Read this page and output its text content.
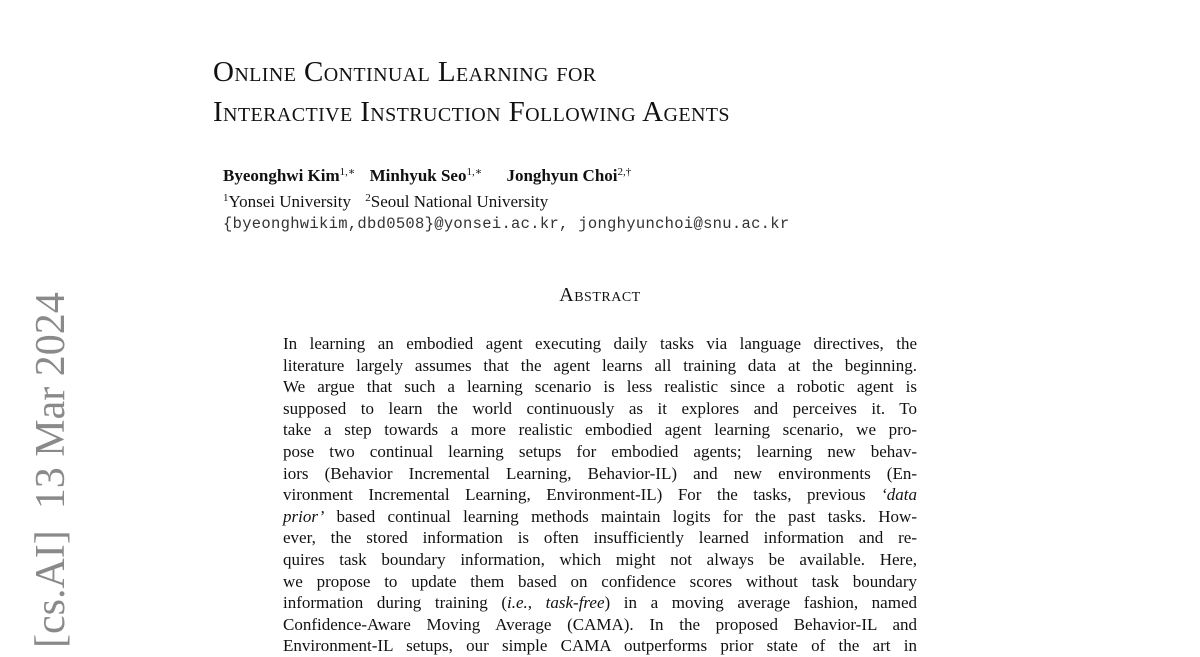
[cs.AI]  13 Mar 2024
Online Continual Learning for
Interactive Instruction Following Agents
Byeonghwi Kim$^{1,∗}$ Minhyuk Seo$^{1,∗}$ Jonghyun Choi$^{2,\dagger}$
$^1$Yonsei University $^2$Seoul National University
{byeonghwikim,dbd0508}@yonsei.ac.kr, jonghyunchoi@snu.ac.kr
Abstract
In learning an embodied agent executing daily tasks via language directives, the
literature largely assumes that the agent learns all training data at the beginning.
We argue that such a learning scenario is less realistic since a robotic agent is
supposed to learn the world continuously as it explores and perceives it. To
take a step towards a more realistic embodied agent learning scenario, we pro-
pose two continual learning setups for embodied agents; learning new behav-
iors (Behavior Incremental Learning, Behavior-IL) and new environments (En-
vironment Incremental Learning, Environment-IL) For the tasks, previous ‘data
prior’ based continual learning methods maintain logits for the past tasks. How-
ever, the stored information is often insufficiently learned information and re-
quires task boundary information, which might not always be available. Here,
we propose to update them based on confidence scores without task boundary
information during training (i.e., task-free) in a moving average fashion, named
Confidence-Aware Moving Average (CAMA). In the proposed Behavior-IL and
Environment-IL setups, our simple CAMA outperforms prior state of the art in
